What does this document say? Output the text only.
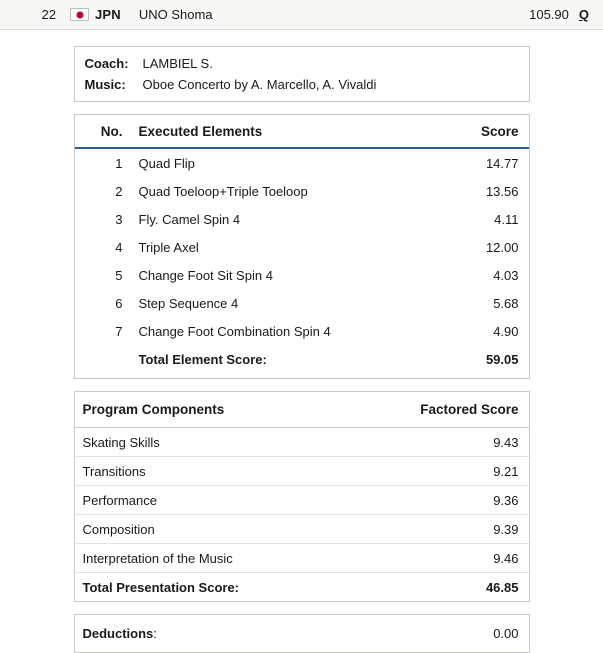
22	JPN UNO Shoma	105.90 Q
Coach:	LAMBIEL S.
Music:	Oboe Concerto by A. Marcello, A. Vivaldi
No.	Executed Elements	Score
1	Quad Flip	14.77
2	Quad Toeloop+Triple Toeloop	13.56
3	Fly. Camel Spin 4	4.11
4	Triple Axel	12.00
5	Change Foot Sit Spin 4	4.03
6	Step Sequence 4	5.68
7	Change Foot Combination Spin 4	4.90
	Total Element Score:	59.05
Program Components	Factored Score
Skating Skills	9.43
Transitions	9.21
Performance	9.36
Composition	9.39
Interpretation of the Music	9.46
Total Presentation Score:	46.85
Deductions:	0.00
